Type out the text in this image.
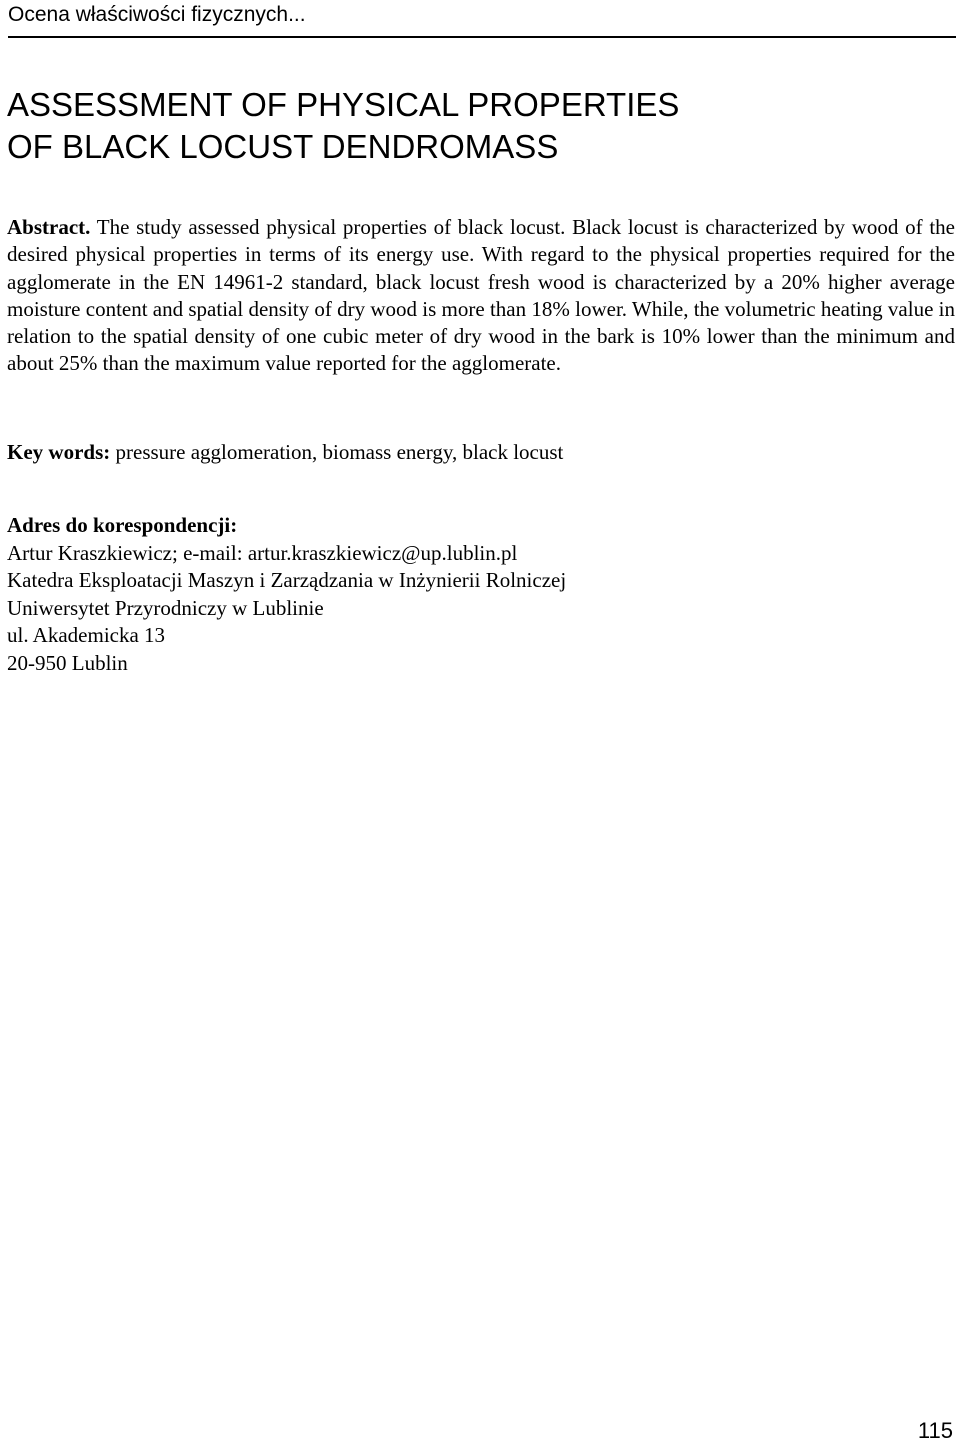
Ocena właściwości fizycznych...
ASSESSMENT OF PHYSICAL PROPERTIES
OF BLACK LOCUST DENDROMASS

Abstract. The study assessed physical properties of black locust. Black locust is characterized by wood of the desired physical properties in terms of its energy use. With regard to the physical properties required for the agglomerate in the EN 14961-2 standard, black locust fresh wood is characterized by a 20% higher average moisture content and spatial density of dry wood is more than 18% lower. While, the volumetric heating value in relation to the spatial density of one cubic meter of dry wood in the bark is 10% lower than the minimum and about 25% than the maximum value reported for the agglomerate.

Key words: pressure agglomeration, biomass energy, black locust

Adres do korespondencji:
Artur Kraszkiewicz; e-mail: artur.kraszkiewicz@up.lublin.pl
Katedra Eksploatacji Maszyn i Zarządzania w Inżynierii Rolniczej
Uniwersytet Przyrodniczy w Lublinie
ul. Akademicka 13
20-950 Lublin
115
